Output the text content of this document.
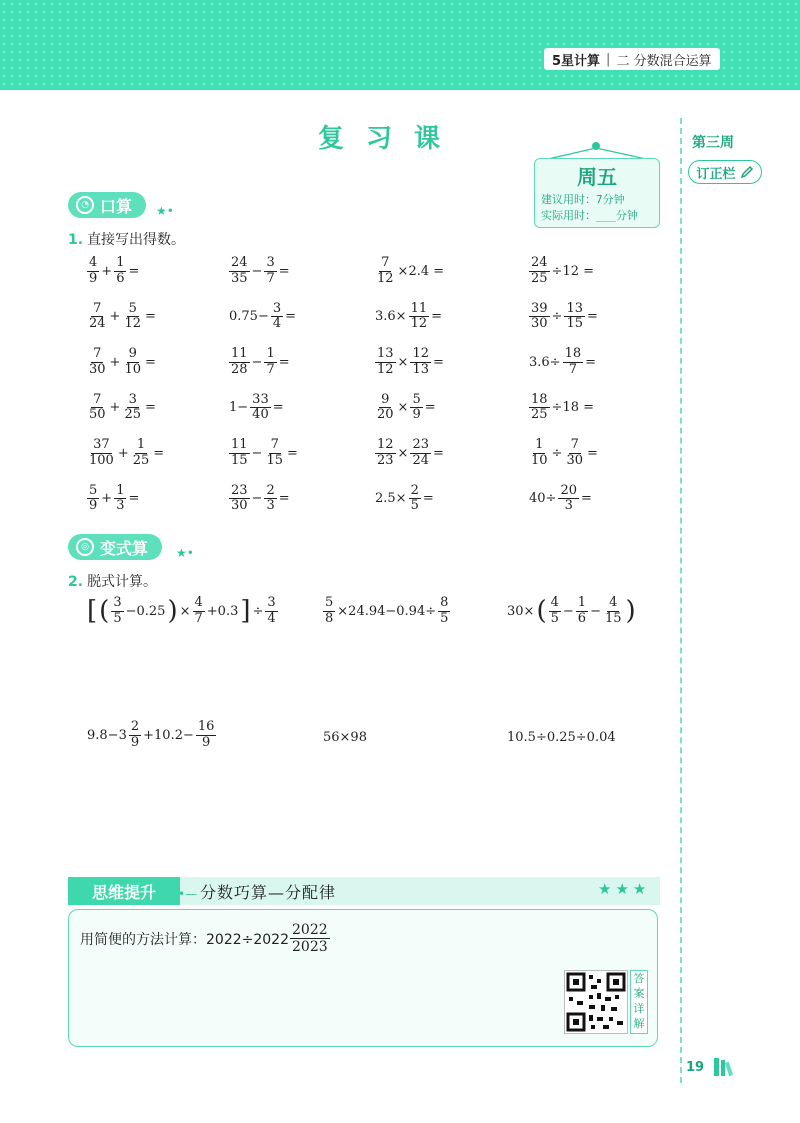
5星计算 | 二 分数混合运算
复习课	第三周
订正栏
周五
建议用时：7分钟
实际用时：___分钟
◔ 口算 ★•
1. 直接写出得数。
$\frac{4}{9} + \frac{1}{6}$ =	$\frac{24}{35} - \frac{3}{7}$ =	$\frac{7}{12} \times 2.4$ =	$\frac{24}{25} \div 12$ =
$\frac{7}{24} + \frac{5}{12}$ =	$0.75- \frac{3}{4}$ =	$3.6\times \frac{11}{12}$ =	$\frac{39}{30} \div \frac{13}{15}$ =
$\frac{7}{30} + \frac{9}{10}$ =	$\frac{11}{28} - \frac{1}{7}$ =	$\frac{13}{12} \times \frac{12}{13}$ =	$3.6\div \frac{18}{7}$ =
$\frac{7}{50} + \frac{3}{25}$ =	$1- \frac{33}{40}$ =	$\frac{9}{20} \times \frac{5}{9}$ =	$\frac{18}{25} \div 18$ =
$\frac{37}{100} + \frac{1}{25}$ =	$\frac{11}{15} - \frac{7}{15}$ =	$\frac{12}{23} \times \frac{23}{24}$ =	$\frac{1}{10} \div \frac{7}{30}$ =
$\frac{5}{9} + \frac{1}{3}$ =	$\frac{23}{30} - \frac{2}{3}$ =	$2.5\times \frac{2}{5}$ =	$40\div \frac{20}{3}$ =
◎ 变式算 ★•
2. 脱式计算。
[ ( $\frac{3}{5} -0.25$ ) × $\frac{4}{7} +0.3$ ] ÷ $\frac{3}{4}$	$\frac{5}{8} \times 24.94-0.94\div \frac{8}{5}$	30× ( $\frac{4}{5} - \frac{1}{6} - \frac{4}{15}$ )
$9.8-3 \frac{2}{9} +10.2- \frac{16}{9}$	56×98	10.5÷0.25÷0.04
思维提升	•— 分数巧算—分配律	★★★
用简便的方法计算：$2022\div 2022 \frac{2022}{2023}$
答案详解
19
